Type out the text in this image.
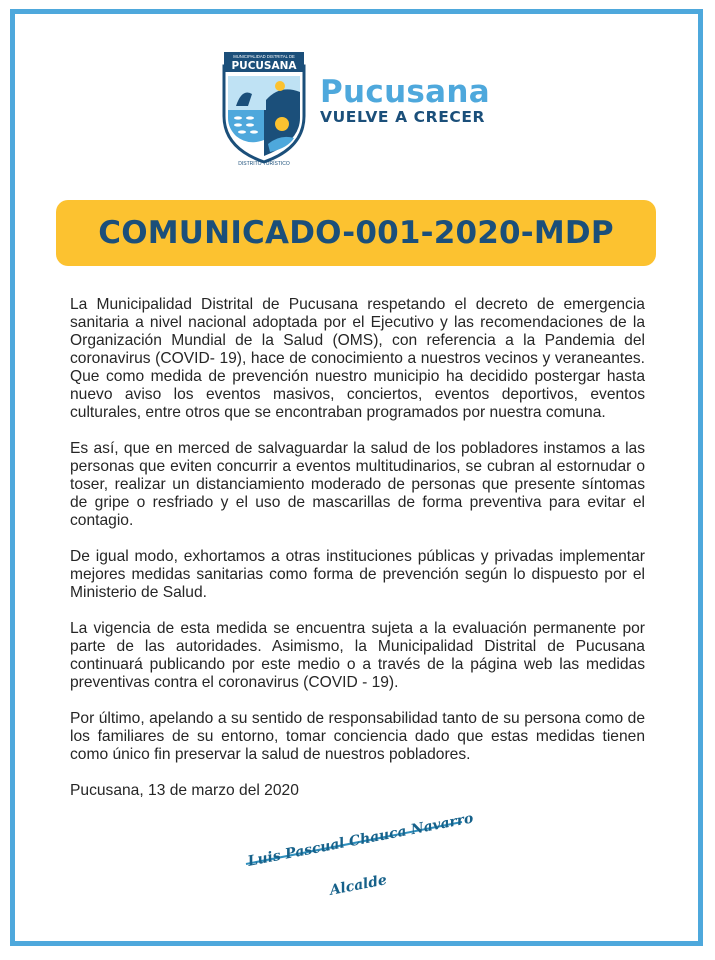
MUNICIPALIDAD DISTRITAL DE
PUCUSANA
DISTRITO TURÍSTICO
Pucusana
VUELVE A CRECER
COMUNICADO-001-2020-MDP

La Municipalidad Distrital de Pucusana respetando el decreto de emergencia sanitaria a nivel nacional adoptada por el Ejecutivo y las recomendaciones de la Organización Mundial de la Salud (OMS), con referencia a la Pandemia del coronavirus (COVID- 19), hace de conocimiento a nuestros vecinos y veraneantes. Que como medida de prevención nuestro municipio ha decidido postergar hasta nuevo aviso los eventos masivos, conciertos, eventos deportivos, eventos culturales, entre otros que se encontraban programados por nuestra comuna.

Es así, que en merced de salvaguardar la salud de los pobladores instamos a las personas que eviten concurrir a eventos multitudinarios, se cubran al estornudar o toser, realizar un distanciamiento moderado de personas que presente síntomas de gripe o resfriado y el uso de mascarillas de forma preventiva para evitar el contagio.

De igual modo, exhortamos a otras instituciones públicas y privadas implementar mejores medidas sanitarias como forma de prevención según lo dispuesto por el Ministerio de Salud.

La vigencia de esta medida se encuentra sujeta a la evaluación permanente por parte de las autoridades. Asimismo, la Municipalidad Distrital de Pucusana continuará publicando por este medio o a través de la página web las medidas preventivas contra el coronavirus (COVID - 19).

Por último, apelando a su sentido de responsabilidad tanto de su persona como de los familiares de su entorno, tomar conciencia dado que estas medidas tienen como único fin preservar la salud de nuestros pobladores.

Pucusana, 13 de marzo del 2020

Luis Pascual Chauca Navarro
Alcalde
